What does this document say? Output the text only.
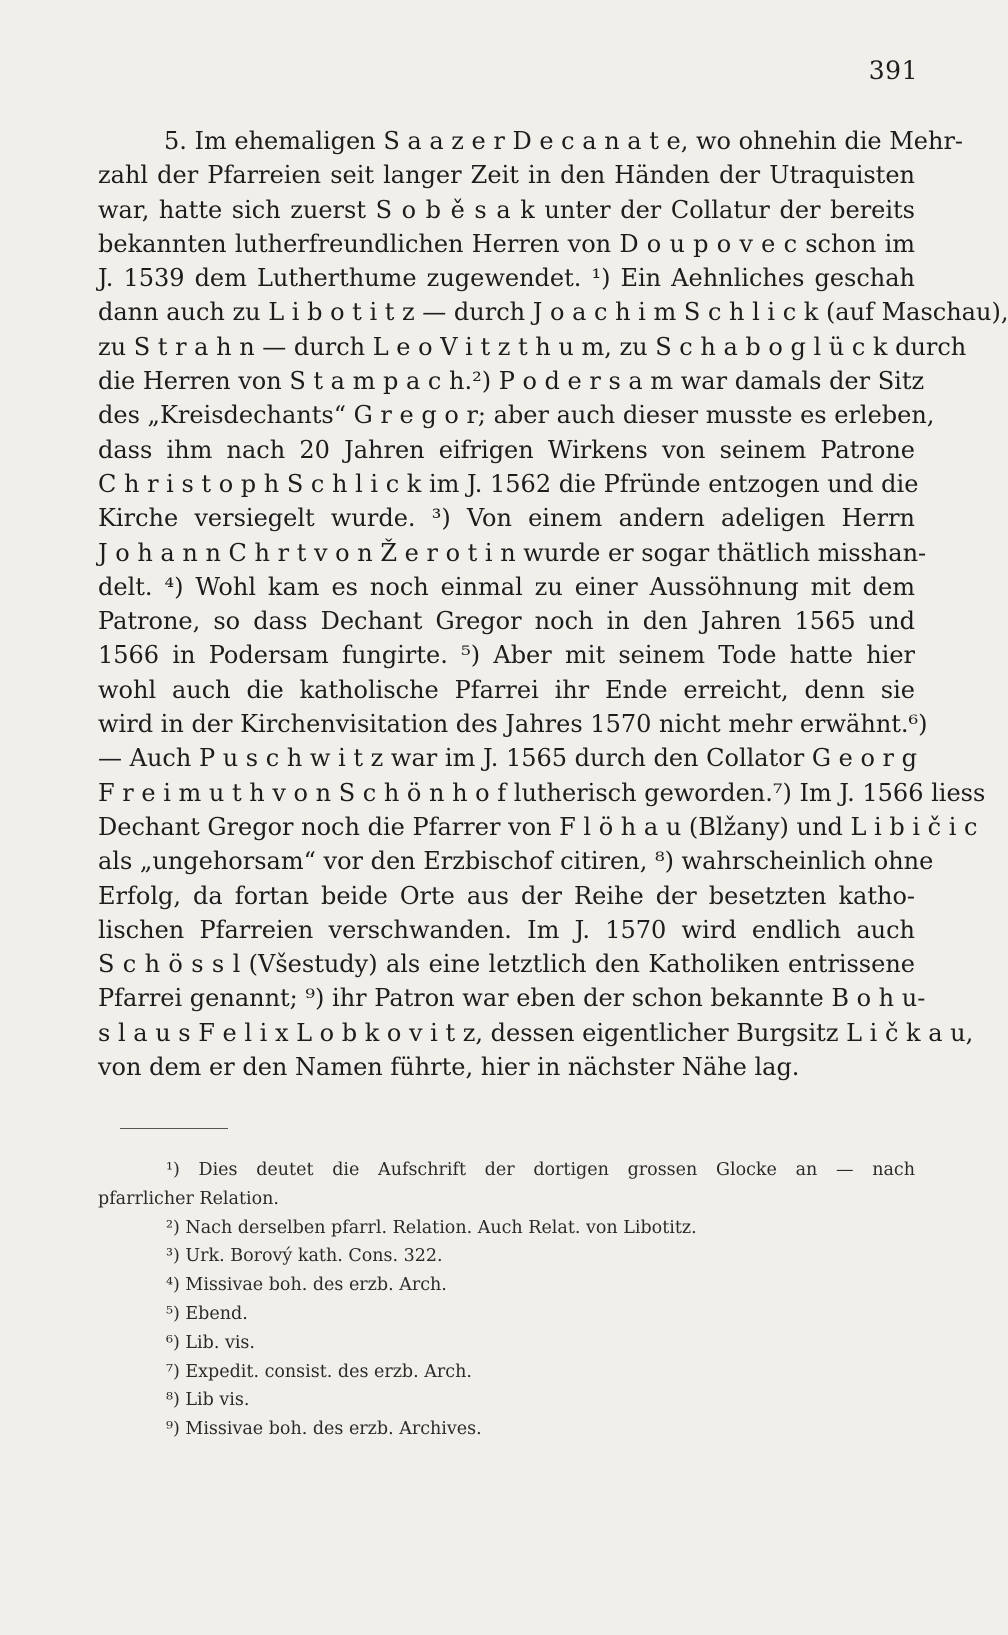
391
5. Im ehemaligen S a a z e r D e c a n a t e, wo ohnehin die Mehr-
zahl der Pfarreien seit langer Zeit in den Händen der Utraquisten
war, hatte sich zuerst S o b ě s a k unter der Collatur der bereits
bekannten lutherfreundlichen Herren von D o u p o v e c schon im
J. 1539 dem Lutherthume zugewendet. ¹) Ein Aehnliches geschah
dann auch zu L i b o t i t z — durch J o a c h i m S c h l i c k (auf Maschau),
zu S t r a h n — durch L e o V i t z t h u m, zu S c h a b o g l ü c k durch
die Herren von S t a m p a c h.²) P o d e r s a m war damals der Sitz
des „Kreisdechants“ G r e g o r; aber auch dieser musste es erleben,
dass ihm nach 20 Jahren eifrigen Wirkens von seinem Patrone
C h r i s t o p h S c h l i c k im J. 1562 die Pfründe entzogen und die
Kirche versiegelt wurde. ³) Von einem andern adeligen Herrn
J o h a n n C h r t v o n Ž e r o t i n wurde er sogar thätlich misshan-
delt. ⁴) Wohl kam es noch einmal zu einer Aussöhnung mit dem
Patrone, so dass Dechant Gregor noch in den Jahren 1565 und
1566 in Podersam fungirte. ⁵) Aber mit seinem Tode hatte hier
wohl auch die katholische Pfarrei ihr Ende erreicht, denn sie
wird in der Kirchenvisitation des Jahres 1570 nicht mehr erwähnt.⁶)
— Auch P u s c h w i t z war im J. 1565 durch den Collator G e o r g
F r e i m u t h v o n S c h ö n h o f lutherisch geworden.⁷) Im J. 1566 liess
Dechant Gregor noch die Pfarrer von F l ö h a u (Blžany) und L i b i č i c
als „ungehorsam“ vor den Erzbischof citiren, ⁸) wahrscheinlich ohne
Erfolg, da fortan beide Orte aus der Reihe der besetzten katho-
lischen Pfarreien verschwanden. Im J. 1570 wird endlich auch
S c h ö s s l (Všestudy) als eine letztlich den Katholiken entrissene
Pfarrei genannt; ⁹) ihr Patron war eben der schon bekannte B o h u-
s l a u s F e l i x L o b k o v i t z, dessen eigentlicher Burgsitz L i č k a u,
von dem er den Namen führte, hier in nächster Nähe lag.
¹) Dies deutet die Aufschrift der dortigen grossen Glocke an — nach
pfarrlicher Relation.
²) Nach derselben pfarrl. Relation. Auch Relat. von Libotitz.
³) Urk. Borový kath. Cons. 322.
⁴) Missivae boh. des erzb. Arch.
⁵) Ebend.
⁶) Lib. vis.
⁷) Expedit. consist. des erzb. Arch.
⁸) Lib vis.
⁹) Missivae boh. des erzb. Archives.
